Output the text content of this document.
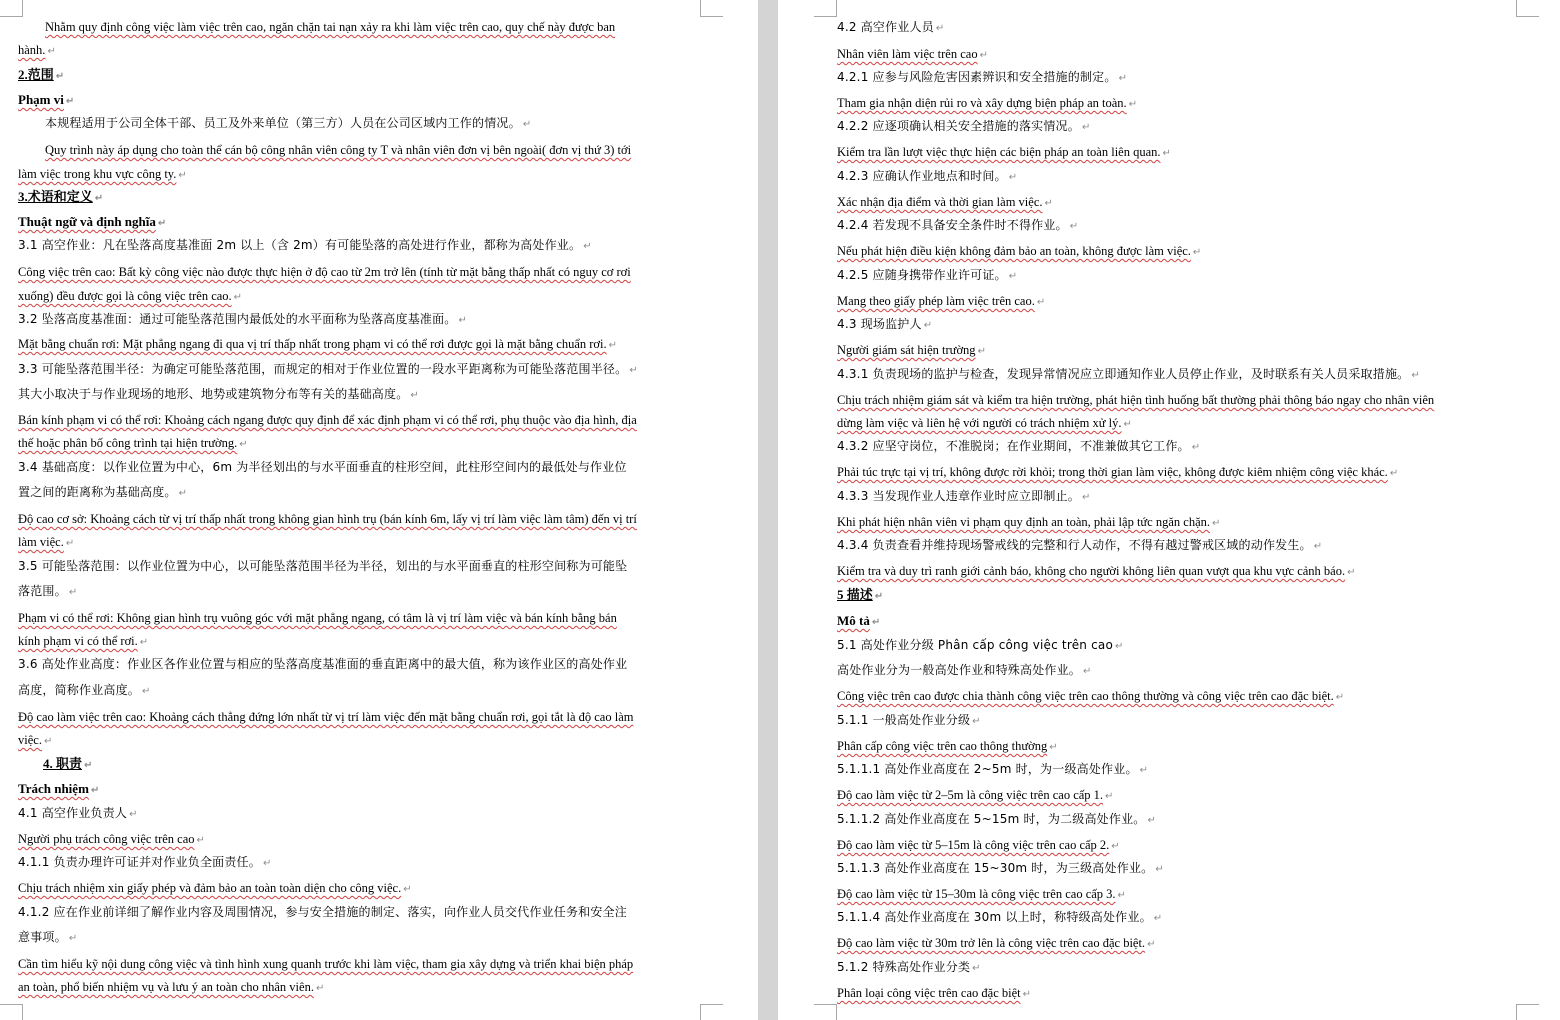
Nhằm quy định công việc làm việc trên cao, ngăn chặn tai nạn xảy ra khi làm việc trên cao, quy chế này được ban
hành. ↵
2.范围 ↵
Phạm vi ↵
本规程适用于公司全体干部、员工及外来单位（第三方）人员在公司区域内工作的情况。 ↵
Quy trình này áp dụng cho toàn thể cán bộ công nhân viên công ty T và nhân viên đơn vị bên ngoài( đơn vị thứ 3) tới
làm việc trong khu vực công ty. ↵
3.术语和定义 ↵
Thuật ngữ và định nghĩa ↵
3.1 高空作业：凡在坠落高度基准面 2m 以上（含 2m）有可能坠落的高处进行作业，都称为高处作业。 ↵
Công việc trên cao: Bất kỳ công việc nào được thực hiện ở độ cao từ 2m trở lên (tính từ mặt bằng thấp nhất có nguy cơ rơi
xuống) đều được gọi là công việc trên cao. ↵
3.2 坠落高度基准面：通过可能坠落范围内最低处的水平面称为坠落高度基准面。 ↵
Mặt bằng chuẩn rơi: Mặt phẳng ngang đi qua vị trí thấp nhất trong phạm vi có thể rơi được gọi là mặt bằng chuẩn rơi. ↵
3.3 可能坠落范围半径：为确定可能坠落范围，而规定的相对于作业位置的一段水平距离称为可能坠落范围半径。 ↵
其大小取决于与作业现场的地形、地势或建筑物分布等有关的基础高度。 ↵
Bán kính phạm vi có thể rơi: Khoảng cách ngang được quy định để xác định phạm vi có thể rơi, phụ thuộc vào địa hình, địa
thế hoặc phân bố công trình tại hiện trường. ↵
3.4 基础高度：以作业位置为中心，6m 为半径划出的与水平面垂直的柱形空间，此柱形空间内的最低处与作业位
置之间的距离称为基础高度。 ↵
Độ cao cơ sở: Khoảng cách từ vị trí thấp nhất trong không gian hình trụ (bán kính 6m, lấy vị trí làm việc làm tâm) đến vị trí
làm việc. ↵
3.5 可能坠落范围：以作业位置为中心，以可能坠落范围半径为半径，划出的与水平面垂直的柱形空间称为可能坠
落范围。 ↵
Phạm vi có thể rơi: Không gian hình trụ vuông góc với mặt phẳng ngang, có tâm là vị trí làm việc và bán kính bằng bán
kính phạm vi có thể rơi. ↵
3.6 高处作业高度：作业区各作业位置与相应的坠落高度基准面的垂直距离中的最大值，称为该作业区的高处作业
高度，简称作业高度。 ↵
Độ cao làm việc trên cao: Khoảng cách thẳng đứng lớn nhất từ vị trí làm việc đến mặt bằng chuẩn rơi, gọi tắt là độ cao làm
việc. ↵
4. 职责 ↵
Trách nhiệm ↵
4.1 高空作业负责人 ↵
Người phụ trách công việc trên cao ↵
4.1.1 负责办理许可证并对作业负全面责任。 ↵
Chịu trách nhiệm xin giấy phép và đảm bảo an toàn toàn diện cho công việc. ↵
4.1.2 应在作业前详细了解作业内容及周围情况，参与安全措施的制定、落实，向作业人员交代作业任务和安全注
意事项。 ↵
Cần tìm hiểu kỹ nội dung công việc và tình hình xung quanh trước khi làm việc, tham gia xây dựng và triển khai biện pháp
an toàn, phổ biến nhiệm vụ và lưu ý an toàn cho nhân viên. ↵
4.2 高空作业人员 ↵
Nhân viên làm việc trên cao ↵
4.2.1 应参与风险危害因素辨识和安全措施的制定。 ↵
Tham gia nhận diện rủi ro và xây dựng biện pháp an toàn. ↵
4.2.2 应逐项确认相关安全措施的落实情况。 ↵
Kiểm tra lần lượt việc thực hiện các biện pháp an toàn liên quan. ↵
4.2.3 应确认作业地点和时间。 ↵
Xác nhận địa điểm và thời gian làm việc. ↵
4.2.4 若发现不具备安全条件时不得作业。 ↵
Nếu phát hiện điều kiện không đảm bảo an toàn, không được làm việc. ↵
4.2.5 应随身携带作业许可证。 ↵
Mang theo giấy phép làm việc trên cao. ↵
4.3 现场监护人 ↵
Người giám sát hiện trường ↵
4.3.1 负责现场的监护与检查，发现异常情况应立即通知作业人员停止作业，及时联系有关人员采取措施。 ↵
Chịu trách nhiệm giám sát và kiểm tra hiện trường, phát hiện tình huống bất thường phải thông báo ngay cho nhân viên
dừng làm việc và liên hệ với người có trách nhiệm xử lý. ↵
4.3.2 应坚守岗位，不准脱岗；在作业期间，不准兼做其它工作。 ↵
Phải túc trực tại vị trí, không được rời khỏi; trong thời gian làm việc, không được kiêm nhiệm công việc khác. ↵
4.3.3 当发现作业人违章作业时应立即制止。 ↵
Khi phát hiện nhân viên vi phạm quy định an toàn, phải lập tức ngăn chặn. ↵
4.3.4 负责查看并维持现场警戒线的完整和行人动作，不得有越过警戒区域的动作发生。 ↵
Kiểm tra và duy trì ranh giới cảnh báo, không cho người không liên quan vượt qua khu vực cảnh báo. ↵
5 描述 ↵
Mô tả ↵
5.1 高处作业分级 Phân cấp công việc trên cao ↵
高处作业分为一般高处作业和特殊高处作业。 ↵
Công việc trên cao được chia thành công việc trên cao thông thường và công việc trên cao đặc biệt. ↵
5.1.1 一般高处作业分级 ↵
Phân cấp công việc trên cao thông thường ↵
5.1.1.1 高处作业高度在 2~5m 时，为一级高处作业。 ↵
Độ cao làm việc từ 2–5m là công việc trên cao cấp 1. ↵
5.1.1.2 高处作业高度在 5~15m 时，为二级高处作业。 ↵
Độ cao làm việc từ 5–15m là công việc trên cao cấp 2. ↵
5.1.1.3 高处作业高度在 15~30m 时，为三级高处作业。 ↵
Độ cao làm việc từ 15–30m là công việc trên cao cấp 3. ↵
5.1.1.4 高处作业高度在 30m 以上时，称特级高处作业。 ↵
Độ cao làm việc từ 30m trở lên là công việc trên cao đặc biệt. ↵
5.1.2 特殊高处作业分类 ↵
Phân loại công việc trên cao đặc biệt ↵
